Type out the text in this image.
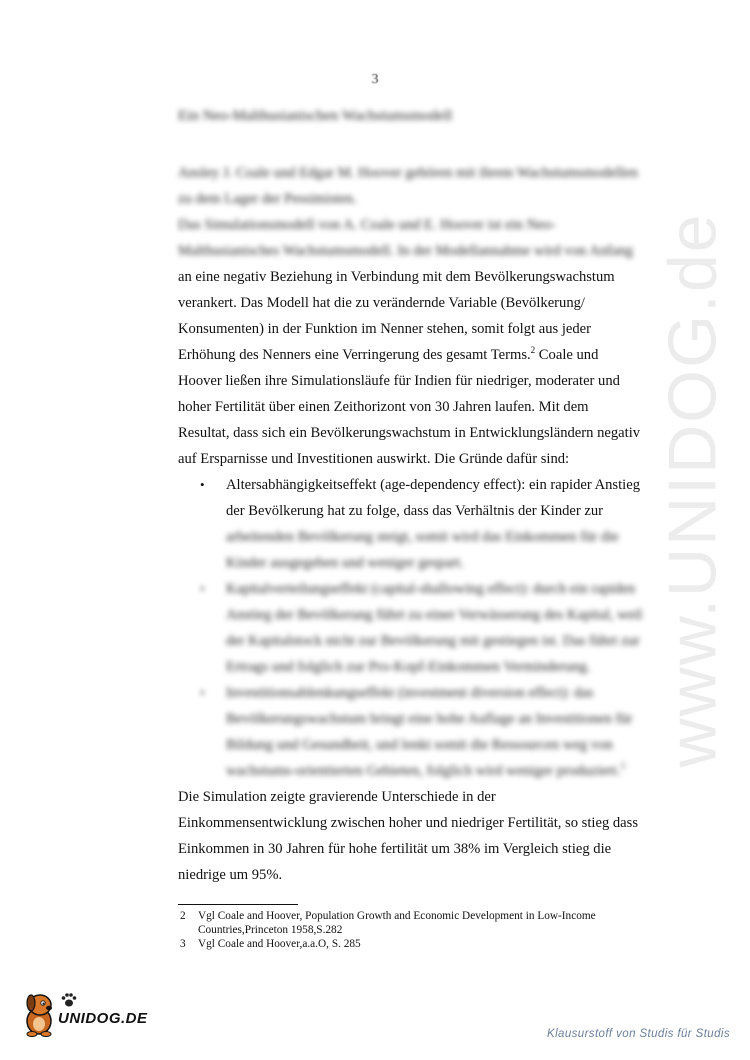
3
Ein Neo-Malthusianischen Wachstumsmodell
Ansley J. Coale und Edgar M. Hoover gehören mit ihrem Wachstumsmodellen
zu dem Lager der Pessimisten.
Das Simulationsmodell von A. Coale und E. Hoover ist ein Neo-
Malthusianisches Wachstumsmodell. In der Modellannahme wird von Anfang
an eine negativ Beziehung in Verbindung mit dem Bevölkerungswachstum
verankert. Das Modell hat die zu verändernde Variable (Bevölkerung/
Konsumenten) in der Funktion im Nenner stehen, somit folgt aus jeder
Erhöhung des Nenners eine Verringerung des gesamt Terms.$^2$ Coale und
Hoover ließen ihre Simulationsläufe für Indien für niedriger, moderater und
hoher Fertilität über einen Zeithorizont von 30 Jahren laufen. Mit dem
Resultat, dass sich ein Bevölkerungswachstum in Entwicklungsländern negativ
auf Ersparnisse und Investitionen auswirkt. Die Gründe dafür sind:
• Altersabhängigkeitseffekt (age-dependency effect): ein rapider Anstieg
der Bevölkerung hat zu folge, dass das Verhältnis der Kinder zur
arbeitenden Bevölkerung steigt, somit wird das Einkommen für die
Kinder ausgegeben und weniger gespart.
• Kapitalverteilungseffekt (capital-shallowing effect): durch ein rapiden
Anstieg der Bevölkerung führt zu einer Verwässerung des Kapital, weil
der Kapitalstock nicht zur Bevölkerung mit gestiegen ist. Das führt zur
Ertrags und folglich zur Pro-Kopf-Einkommen Verminderung.
• Investitionsablenkungseffekt (investment diversion effect): das
Bevölkerungswachstum bringt eine hohe Auflage an Investitionen für
Bildung und Gesundheit, und lenkt somit die Ressourcen weg von
wachstums-orientierten Gebieten, folglich wird weniger produziert.$^3$
Die Simulation zeigte gravierende Unterschiede in der
Einkommensentwicklung zwischen hoher und niedriger Fertilität, so stieg dass
Einkommen in 30 Jahren für hohe fertilität um 38% im Vergleich stieg die
niedrige um 95%.
2 Vgl Coale and Hoover, Population Growth and Economic Development in Low-Income
Countries,Princeton 1958,S.282
3 Vgl Coale and Hoover,a.a.O, S. 285
www.UNIDOG.de
UNIDOG.DE
Klausurstoff von Studis für Studis
